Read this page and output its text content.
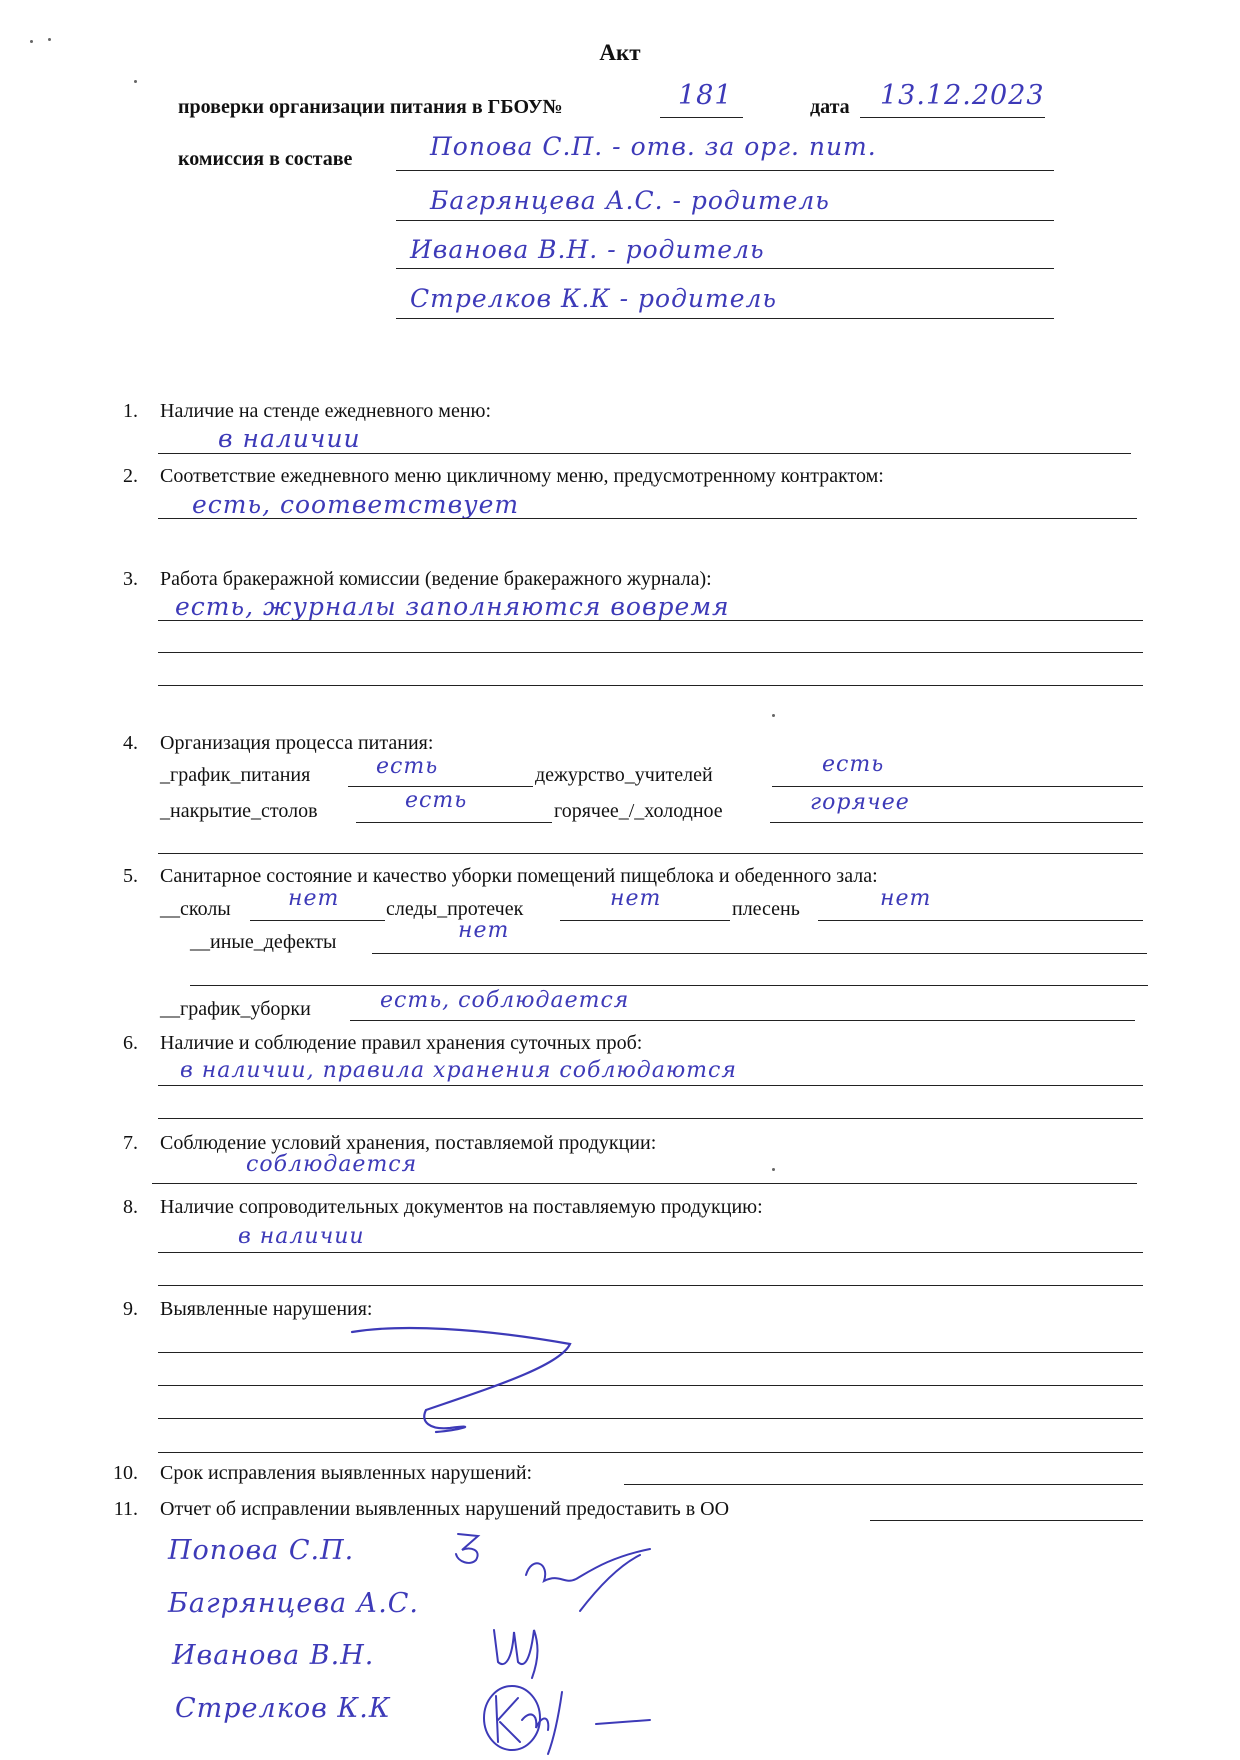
Акт
проверки организации питания в ГБОУ№	181	дата 13.12.2023
комиссия в составе	Попова С.П. - отв. за орг. пит.
Багрянцева А.С. - родитель
Иванова В.Н. - родитель
Стрелков К.К - родитель
1. Наличие на стенде ежедневного меню:
в наличии
2. Соответствие ежедневного меню цикличному меню, предусмотренному контрактом:
есть, соответствует
3. Работа бракеражной комиссии (ведение бракеражного журнала):
есть, журналы заполняются вовремя
4. Организация процесса питания:
_график_питания	есть	дежурство_учителей	есть
_накрытие_столов	есть	горячее_/_холодное	горячее
5. Санитарное состояние и качество уборки помещений пищеблока и обеденного зала:
__сколы	нет следы_протечек	нет	плесень	нет
__иные_дефекты	нет
__график_уборки	есть, соблюдается
6. Наличие и соблюдение правил хранения суточных проб:
в наличии, правила хранения соблюдаются
7. Соблюдение условий хранения, поставляемой продукции:
соблюдается
8. Наличие сопроводительных документов на поставляемую продукцию:
в наличии
9. Выявленные нарушения:
10. Срок исправления выявленных нарушений:
11. Отчет об исправлении выявленных нарушений предоставить в ОО
Попова С.П.
Багрянцева А.С.
Иванова В.Н.
Стрелков К.К
